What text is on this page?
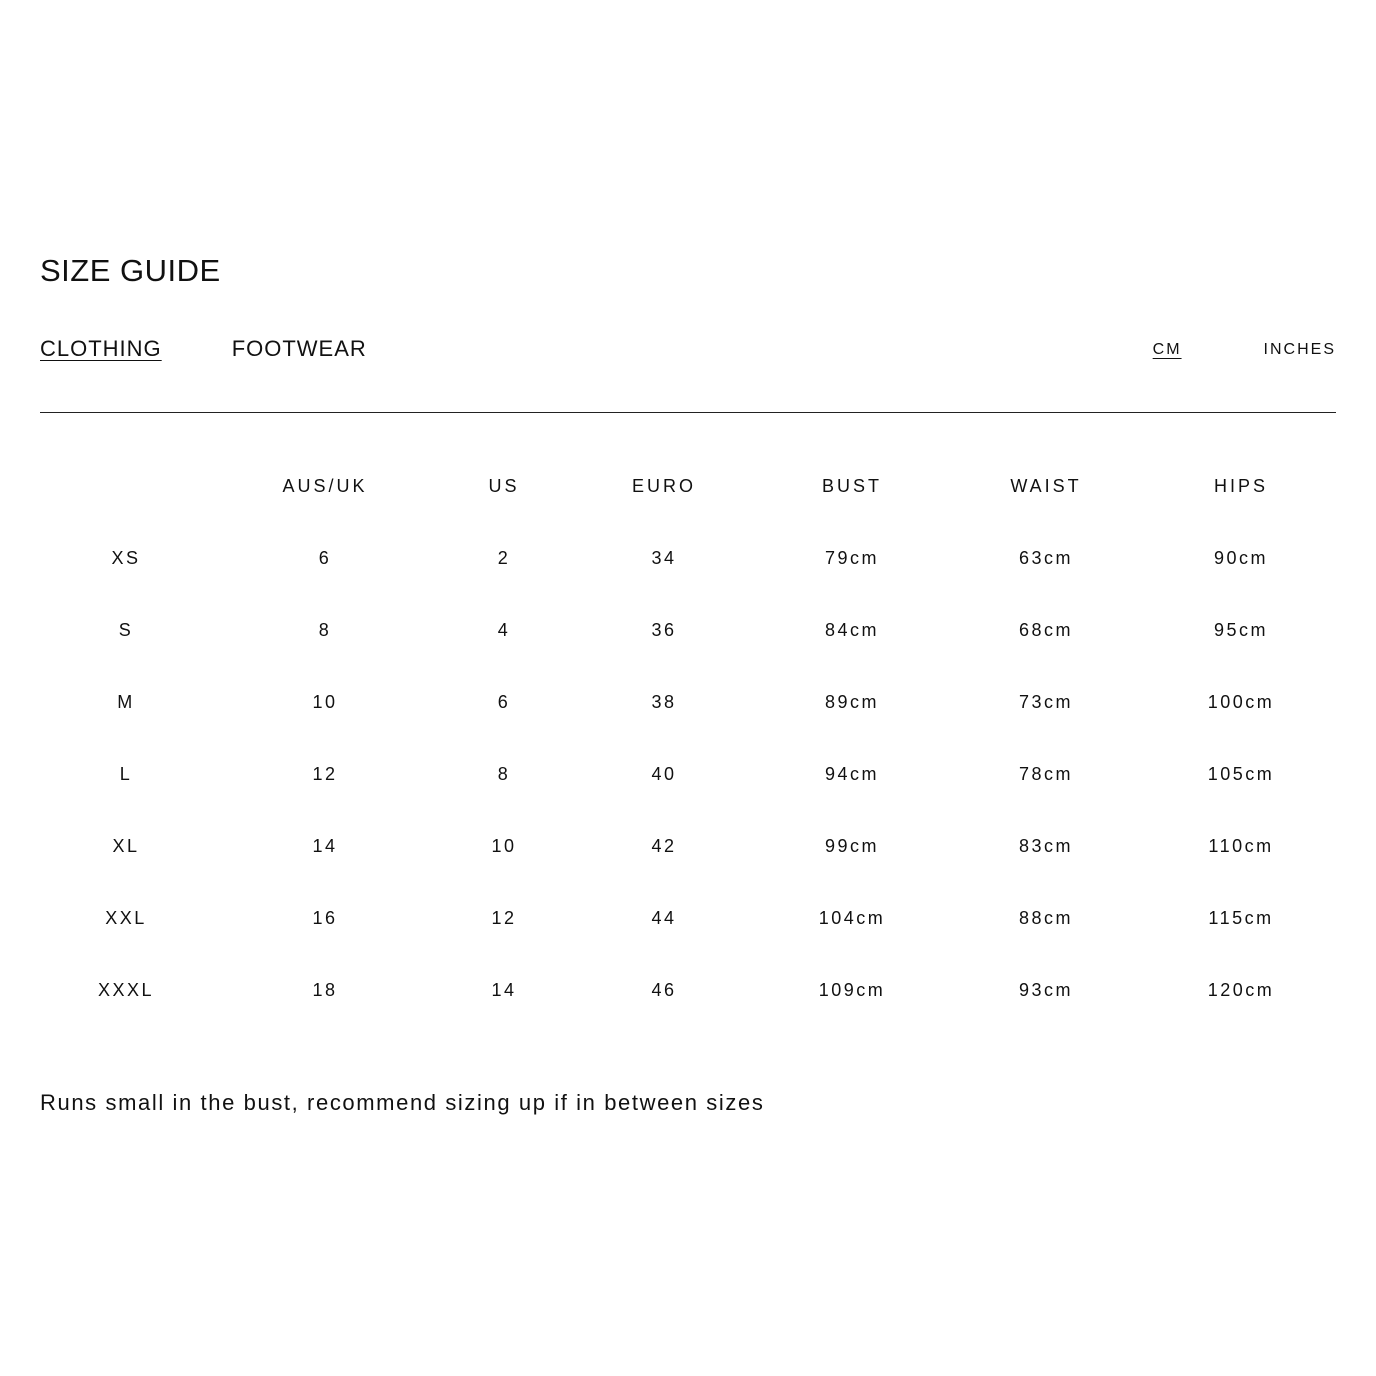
SIZE GUIDE
CLOTHING	FOOTWEAR	CM	INCHES
	AUS/UK	US	EURO	BUST	WAIST	HIPS
XS	6	2	34	79cm	63cm	90cm
S	8	4	36	84cm	68cm	95cm
M	10	6	38	89cm	73cm	100cm
L	12	8	40	94cm	78cm	105cm
XL	14	10	42	99cm	83cm	110cm
XXL	16	12	44	104cm	88cm	115cm
XXXL	18	14	46	109cm	93cm	120cm
Runs small in the bust, recommend sizing up if in between sizes
